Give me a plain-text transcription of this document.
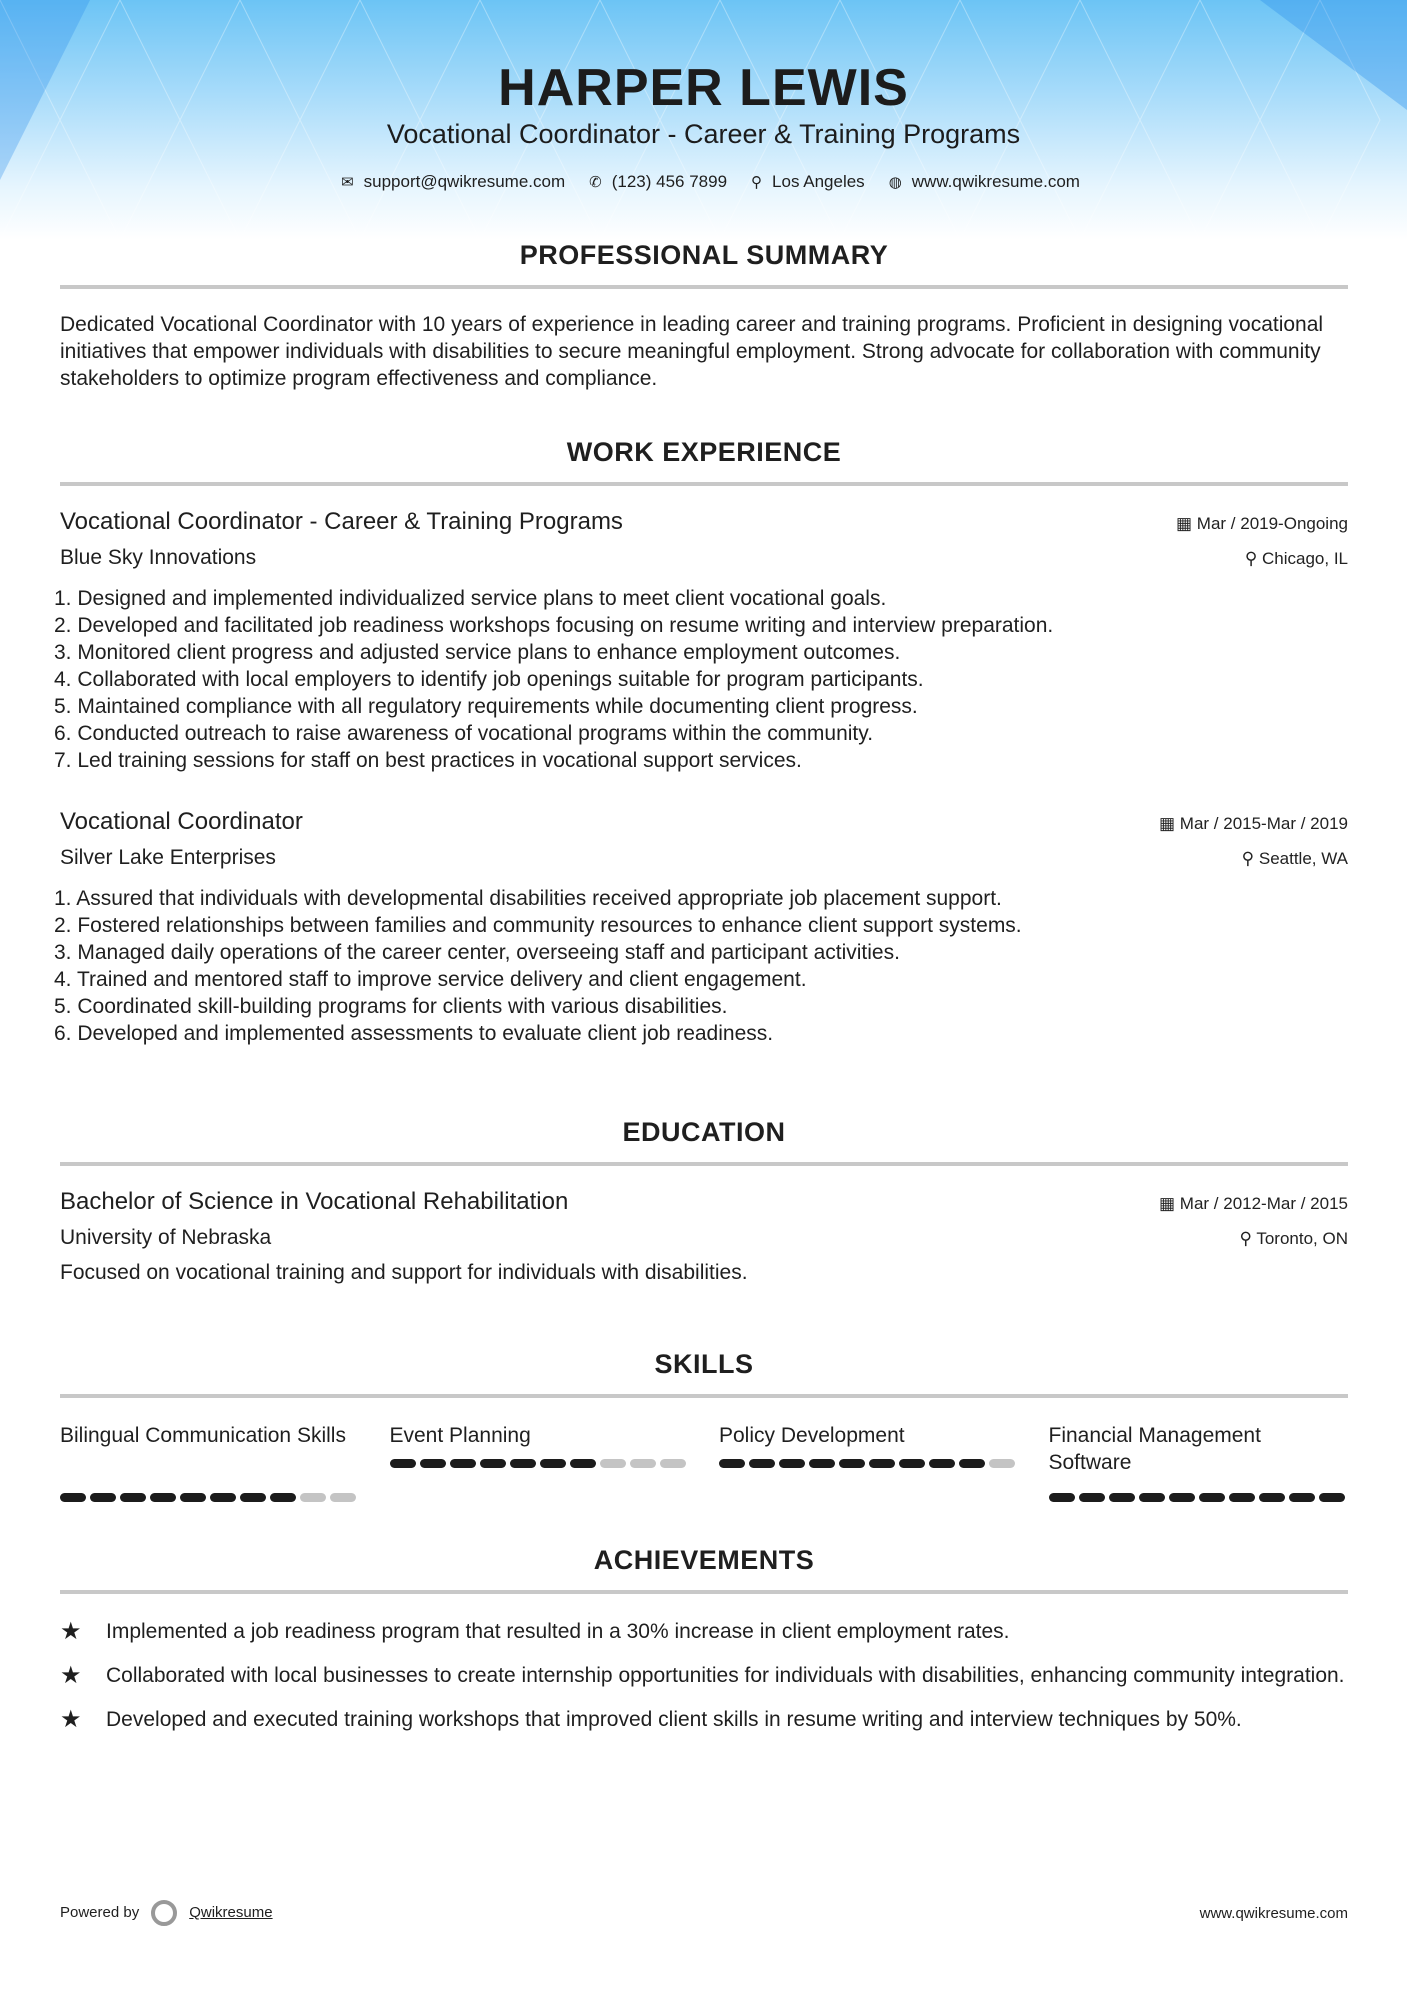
HARPER LEWIS
Vocational Coordinator - Career & Training Programs
✉ support@qwikresume.com ✆ (123) 456 7899 ⚲ Los Angeles ◍ www.qwikresume.com
PROFESSIONAL SUMMARY
Dedicated Vocational Coordinator with 10 years of experience in leading career and training programs. Proficient in designing vocational initiatives that empower individuals with disabilities to secure meaningful employment. Strong advocate for collaboration with community stakeholders to optimize program effectiveness and compliance.
WORK EXPERIENCE
Vocational Coordinator - Career & Training Programs	▦ Mar / 2019-Ongoing
Blue Sky Innovations	⚲ Chicago, IL
1. Designed and implemented individualized service plans to meet client vocational goals.
2. Developed and facilitated job readiness workshops focusing on resume writing and interview preparation.
3. Monitored client progress and adjusted service plans to enhance employment outcomes.
4. Collaborated with local employers to identify job openings suitable for program participants.
5. Maintained compliance with all regulatory requirements while documenting client progress.
6. Conducted outreach to raise awareness of vocational programs within the community.
7. Led training sessions for staff on best practices in vocational support services.
Vocational Coordinator	▦ Mar / 2015-Mar / 2019
Silver Lake Enterprises	⚲ Seattle, WA
1. Assured that individuals with developmental disabilities received appropriate job placement support.
2. Fostered relationships between families and community resources to enhance client support systems.
3. Managed daily operations of the career center, overseeing staff and participant activities.
4. Trained and mentored staff to improve service delivery and client engagement.
5. Coordinated skill-building programs for clients with various disabilities.
6. Developed and implemented assessments to evaluate client job readiness.
EDUCATION
Bachelor of Science in Vocational Rehabilitation	▦ Mar / 2012-Mar / 2015
University of Nebraska	⚲ Toronto, ON
Focused on vocational training and support for individuals with disabilities.
SKILLS
Bilingual Communication Skills	Event Planning	Policy Development	Financial Management Software
ACHIEVEMENTS
★	Implemented a job readiness program that resulted in a 30% increase in client employment rates.
★	Collaborated with local businesses to create internship opportunities for individuals with disabilities, enhancing community integration.
★	Developed and executed training workshops that improved client skills in resume writing and interview techniques by 50%.
Powered by	Qwikresume	www.qwikresume.com
